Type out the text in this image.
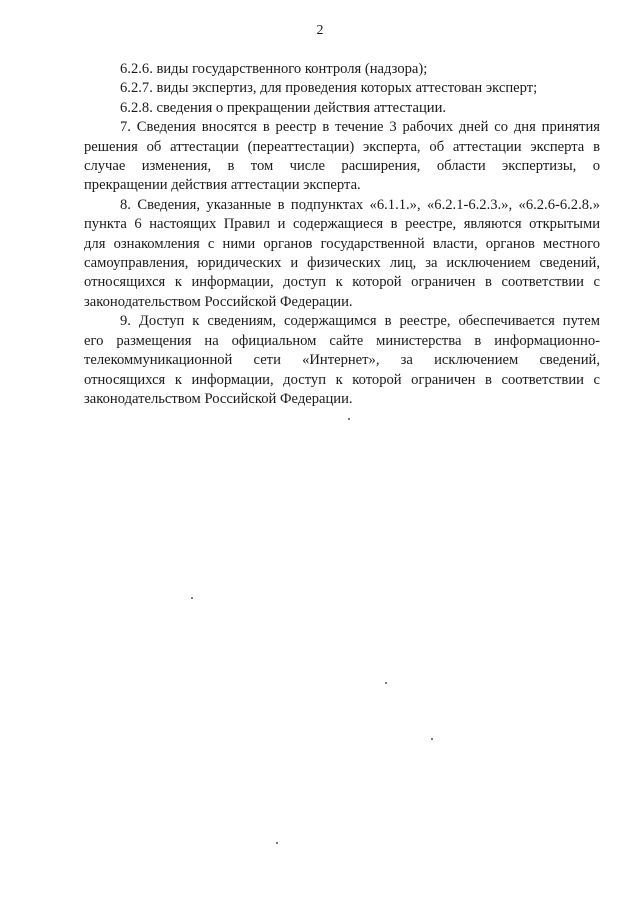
2
6.2.6. виды государственного контроля (надзора);
6.2.7. виды экспертиз, для проведения которых аттестован эксперт;
6.2.8. сведения о прекращении действия аттестации.
7. Сведения вносятся в реестр в течение 3 рабочих дней со дня принятия
решения об аттестации (переаттестации) эксперта, об аттестации эксперта в
случае изменения, в том числе расширения, области экспертизы, о
прекращении действия аттестации эксперта.
8. Сведения, указанные в подпунктах «6.1.1.», «6.2.1-6.2.3.», «6.2.6-6.2.8.»
пункта 6 настоящих Правил и содержащиеся в реестре, являются открытыми
для ознакомления с ними органов государственной власти, органов местного
самоуправления, юридических и физических лиц, за исключением сведений,
относящихся к информации, доступ к которой ограничен в соответствии с
законодательством Российской Федерации.
9. Доступ к сведениям, содержащимся в реестре, обеспечивается путем
его размещения на официальном сайте министерства в информационно-
телекоммуникационной сети «Интернет», за исключением сведений,
относящихся к информации, доступ к которой ограничен в соответствии с
законодательством Российской Федерации.
